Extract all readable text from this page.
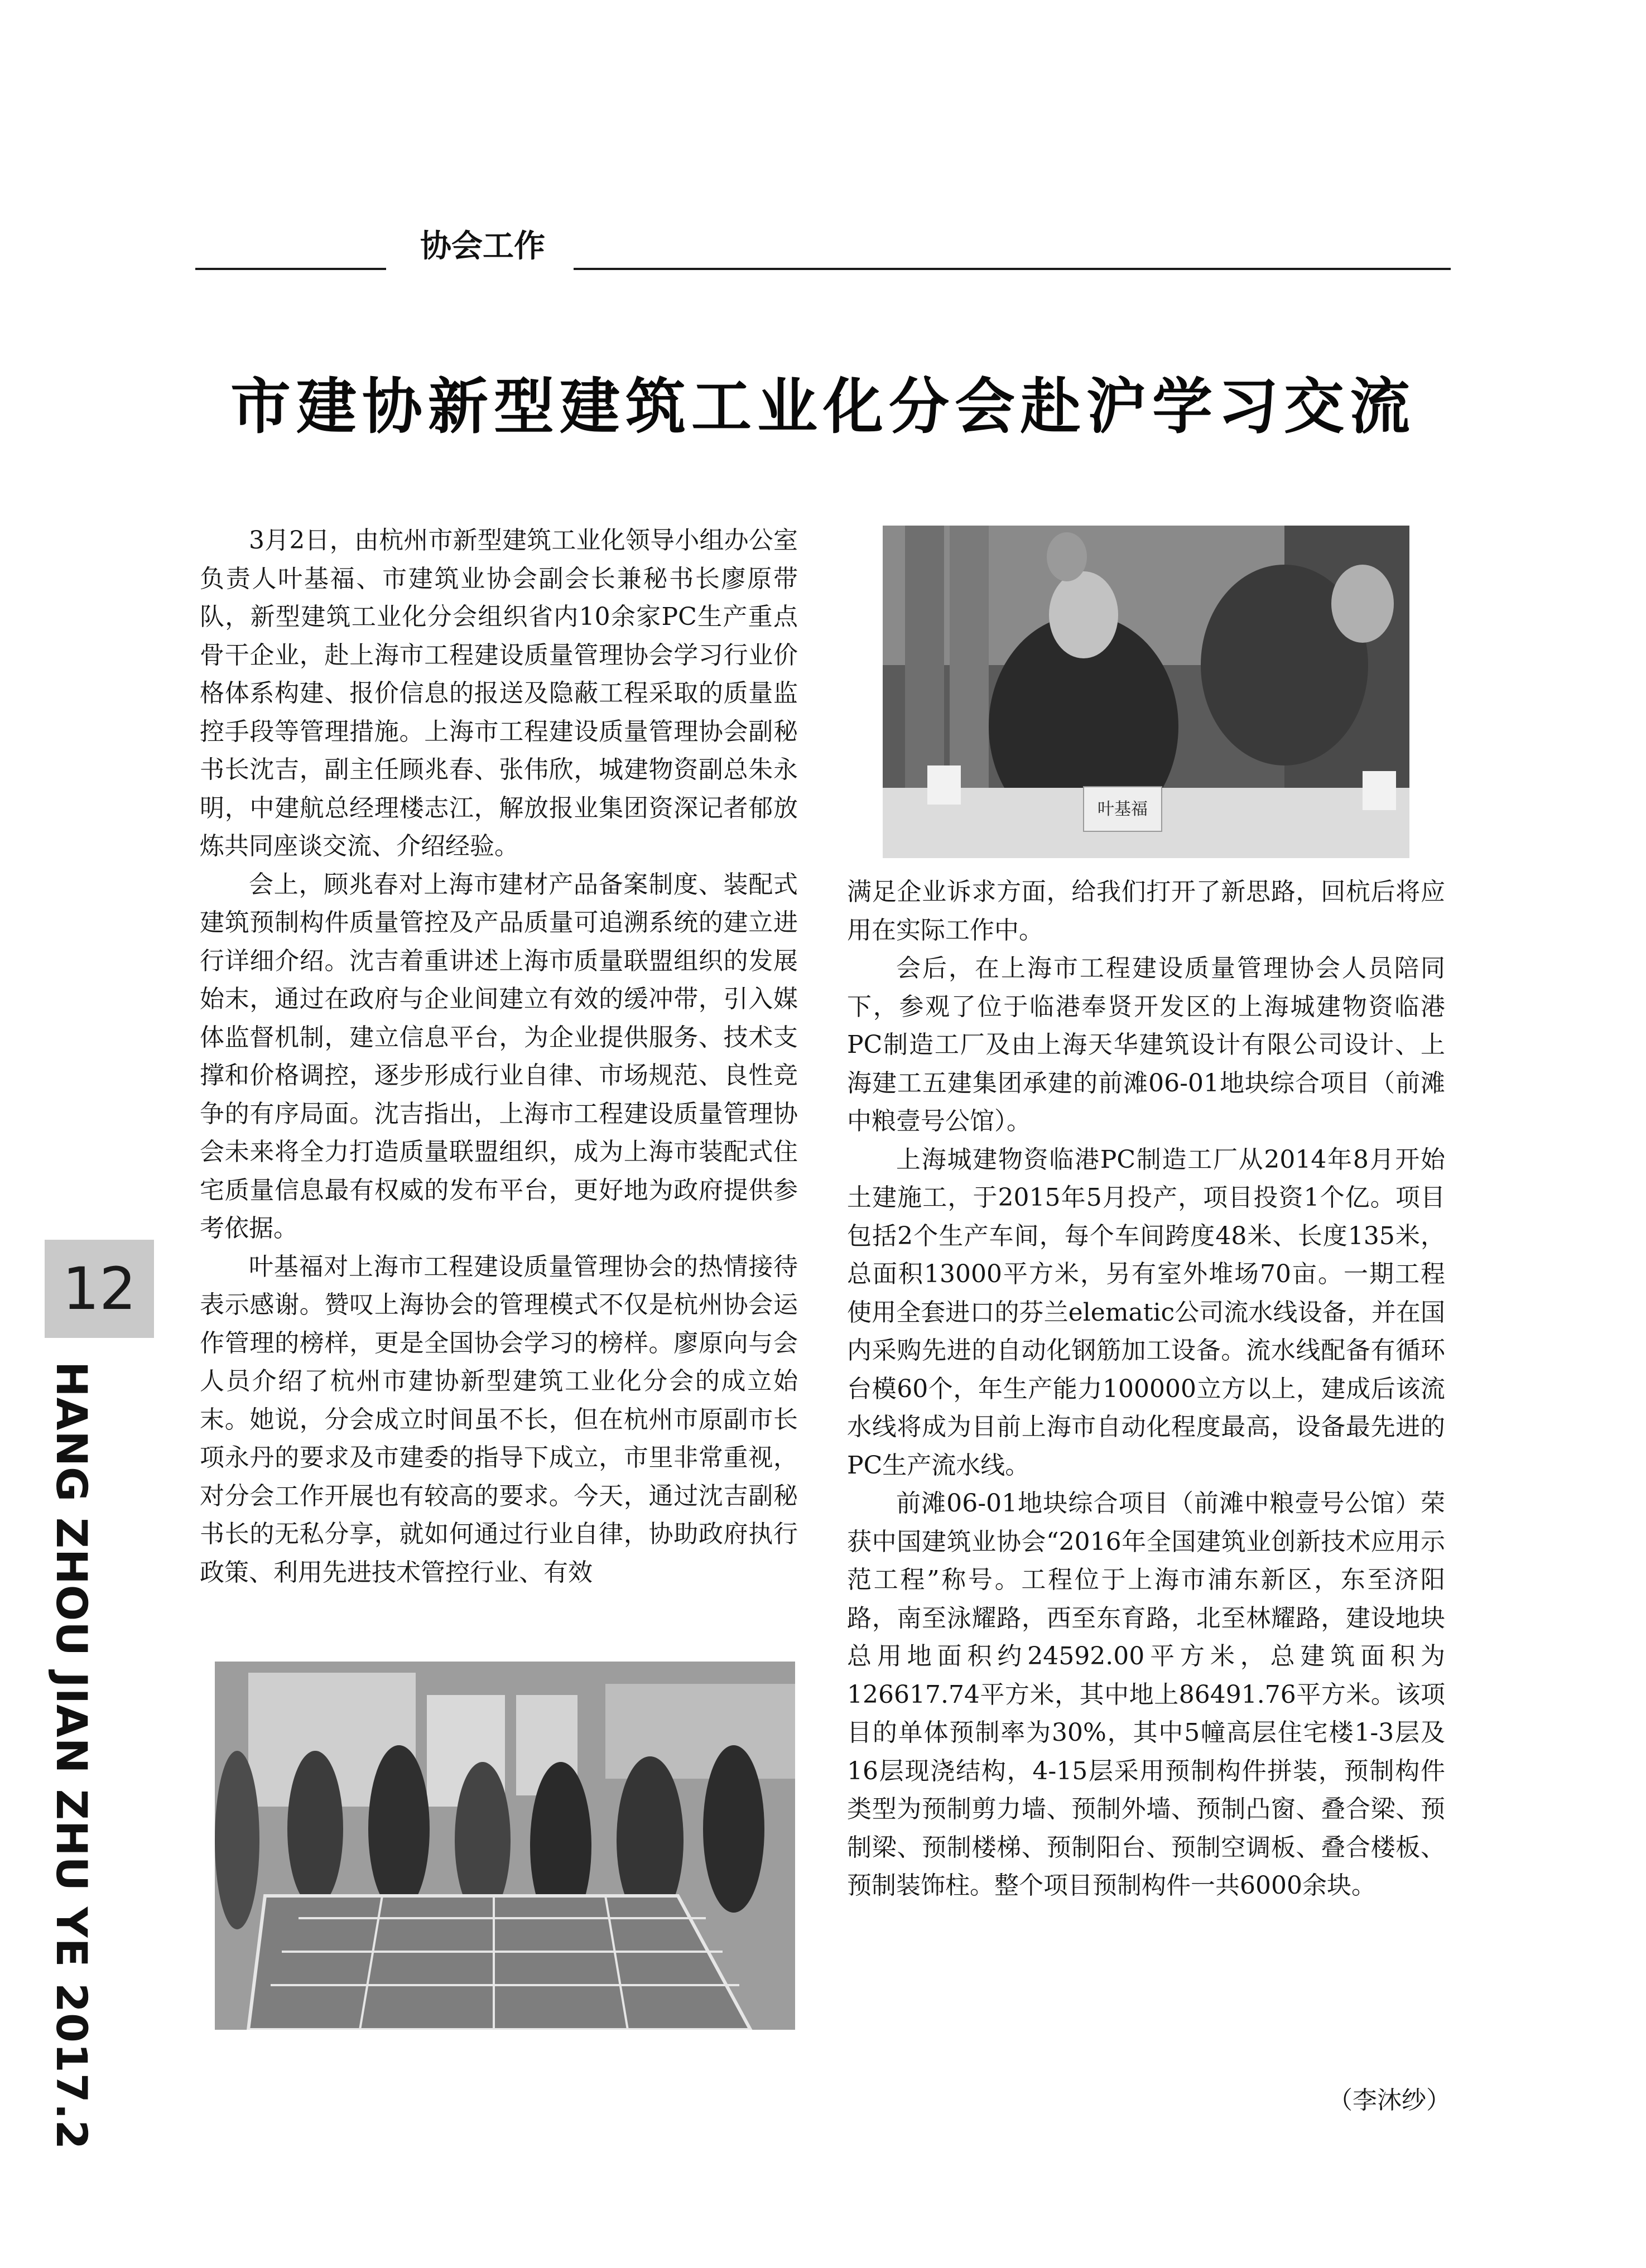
协会工作
市建协新型建筑工业化分会赴沪学习交流

3月2日，由杭州市新型建筑工业化领导小组办公室负责人叶基福、市建筑业协会副会长兼秘书长廖原带队，新型建筑工业化分会组织省内10余家PC生产重点骨干企业，赴上海市工程建设质量管理协会学习行业价格体系构建、报价信息的报送及隐蔽工程采取的质量监控手段等管理措施。上海市工程建设质量管理协会副秘书长沈吉，副主任顾兆春、张伟欣，城建物资副总朱永明，中建航总经理楼志江，解放报业集团资深记者郁放炼共同座谈交流、介绍经验。

会上，顾兆春对上海市建材产品备案制度、装配式建筑预制构件质量管控及产品质量可追溯系统的建立进行详细介绍。沈吉着重讲述上海市质量联盟组织的发展始末，通过在政府与企业间建立有效的缓冲带，引入媒体监督机制，建立信息平台，为企业提供服务、技术支撑和价格调控，逐步形成行业自律、市场规范、良性竞争的有序局面。沈吉指出，上海市工程建设质量管理协会未来将全力打造质量联盟组织，成为上海市装配式住宅质量信息最有权威的发布平台，更好地为政府提供参考依据。

叶基福对上海市工程建设质量管理协会的热情接待表示感谢。赞叹上海协会的管理模式不仅是杭州协会运作管理的榜样，更是全国协会学习的榜样。廖原向与会人员介绍了杭州市建协新型建筑工业化分会的成立始末。她说，分会成立时间虽不长，但在杭州市原副市长项永丹的要求及市建委的指导下成立，市里非常重视，对分会工作开展也有较高的要求。今天，通过沈吉副秘书长的无私分享，就如何通过行业自律，协助政府执行政策、利用先进技术管控行业、有效

叶基福

满足企业诉求方面，给我们打开了新思路，回杭后将应用在实际工作中。

会后，在上海市工程建设质量管理协会人员陪同下，参观了位于临港奉贤开发区的上海城建物资临港PC制造工厂及由上海天华建筑设计有限公司设计、上海建工五建集团承建的前滩06-01地块综合项目（前滩中粮壹号公馆）。

上海城建物资临港PC制造工厂从2014年8月开始土建施工，于2015年5月投产，项目投资1个亿。项目包括2个生产车间，每个车间跨度48米、长度135米，总面积13000平方米，另有室外堆场70亩。一期工程使用全套进口的芬兰elematic公司流水线设备，并在国内采购先进的自动化钢筋加工设备。流水线配备有循环台模60个，年生产能力100000立方以上，建成后该流水线将成为目前上海市自动化程度最高，设备最先进的PC生产流水线。

前滩06-01地块综合项目（前滩中粮壹号公馆）荣获中国建筑业协会“2016年全国建筑业创新技术应用示范工程”称号。工程位于上海市浦东新区，东至济阳路，南至泳耀路，西至东育路，北至林耀路，建设地块总用地面积约24592.00平方米，总建筑面积为126617.74平方米，其中地上86491.76平方米。该项目的单体预制率为30%，其中5幢高层住宅楼1-3层及16层现浇结构，4-15层采用预制构件拼装，预制构件类型为预制剪力墙、预制外墙、预制凸窗、叠合梁、预制梁、预制楼梯、预制阳台、预制空调板、叠合楼板、预制装饰柱。整个项目预制构件一共6000余块。

12
HANG ZHOU JIAN ZHU YE 2017.2	（李沐纱）
